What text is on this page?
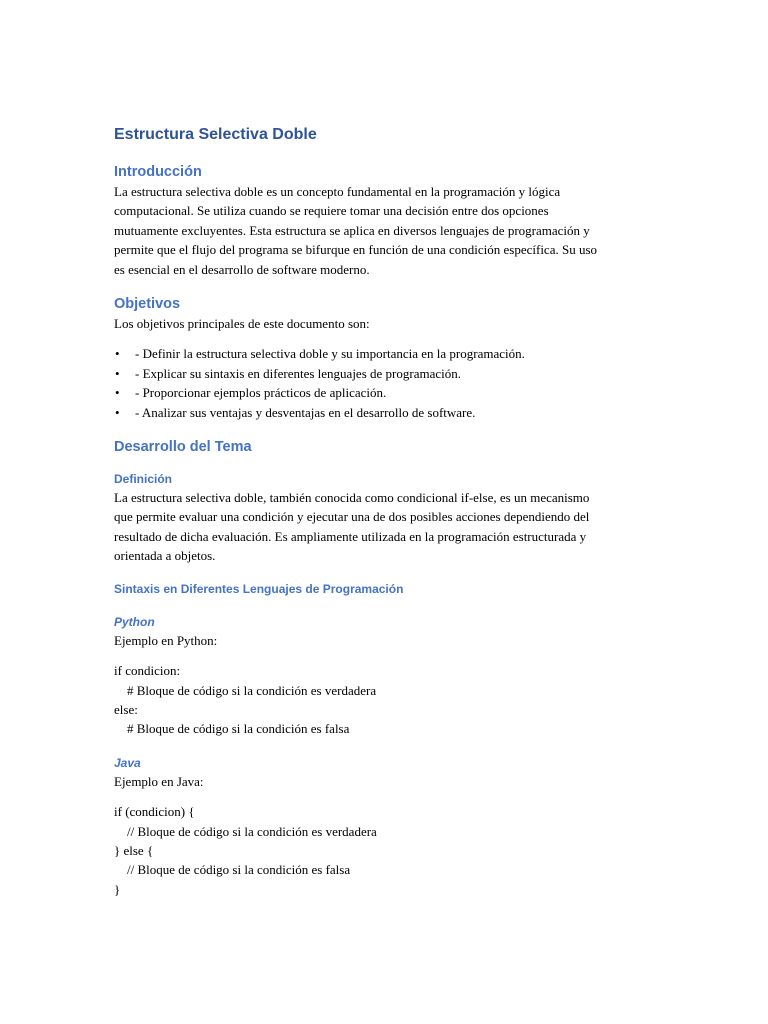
Estructura Selectiva Doble
Introducción

La estructura selectiva doble es un concepto fundamental en la programación y lógica

computacional. Se utiliza cuando se requiere tomar una decisión entre dos opciones

mutuamente excluyentes. Esta estructura se aplica en diversos lenguajes de programación y

permite que el flujo del programa se bifurque en función de una condición específica. Su uso

es esencial en el desarrollo de software moderno.

Objetivos

Los objetivos principales de este documento son:

• - Definir la estructura selectiva doble y su importancia en la programación.
• - Explicar su sintaxis en diferentes lenguajes de programación.
• - Proporcionar ejemplos prácticos de aplicación.
• - Analizar sus ventajas y desventajas en el desarrollo de software.
Desarrollo del Tema
Definición

La estructura selectiva doble, también conocida como condicional if-else, es un mecanismo

que permite evaluar una condición y ejecutar una de dos posibles acciones dependiendo del

resultado de dicha evaluación. Es ampliamente utilizada en la programación estructurada y

orientada a objetos.

Sintaxis en Diferentes Lenguajes de Programación
Python

Ejemplo en Python:

if condicion:

# Bloque de código si la condición es verdadera

else:

# Bloque de código si la condición es falsa

Java

Ejemplo en Java:

if (condicion) {

// Bloque de código si la condición es verdadera

} else {

// Bloque de código si la condición es falsa

}
